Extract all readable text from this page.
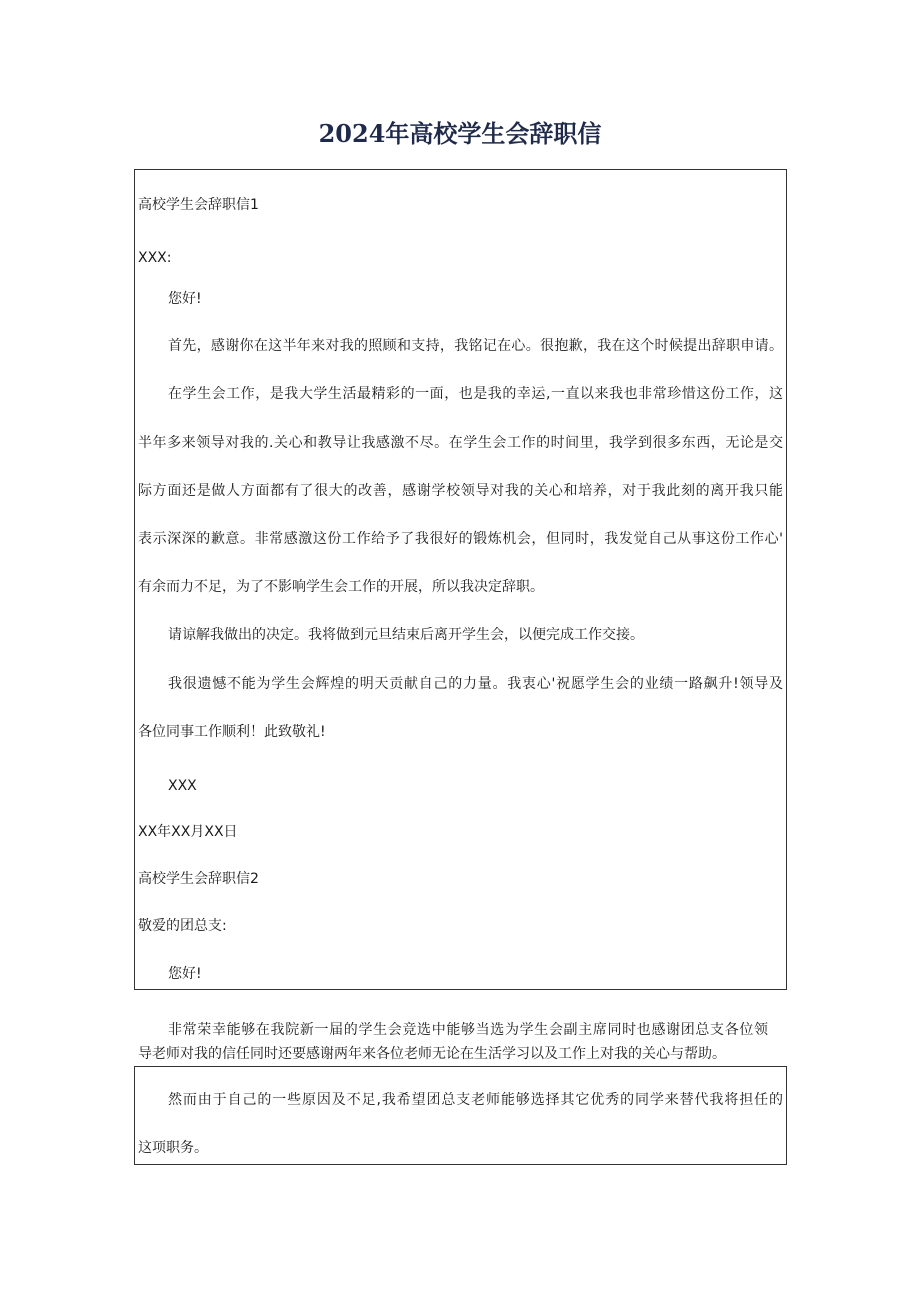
2024年高校学生会辞职信
高校学生会辞职信1
XXX:
您好!
首先，感谢你在这半年来对我的照顾和支持，我铭记在心。很抱歉，我在这个时候提出辞职申请。
在学生会工作，是我大学生活最精彩的一面，也是我的幸运,一直以来我也非常珍惜这份工作，这
半年多来领导对我的.关心和教导让我感激不尽。在学生会工作的时间里，我学到很多东西，无论是交
际方面还是做人方面都有了很大的改善，感谢学校领导对我的关心和培养，对于我此刻的离开我只能
表示深深的歉意。非常感激这份工作给予了我很好的锻炼机会，但同时，我发觉自己从事这份工作心'
有余而力不足，为了不影响学生会工作的开展，所以我决定辞职。
请谅解我做出的决定。我将做到元旦结束后离开学生会，以便完成工作交接。
我很遗憾不能为学生会辉煌的明天贡献自己的力量。我衷心'祝愿学生会的业绩一路飙升!领导及
各位同事工作顺利！此致敬礼!
XXX
XX年XX月XX日
高校学生会辞职信2
敬爱的团总支:
您好!
非常荣幸能够在我院新一届的学生会竞选中能够当选为学生会副主席同时也感谢团总支各位领
导老师对我的信任同时还要感谢两年来各位老师无论在生活学习以及工作上对我的关心与帮助。
然而由于自己的一些原因及不足,我希望团总支老师能够选择其它优秀的同学来替代我将担任的
这项职务。
